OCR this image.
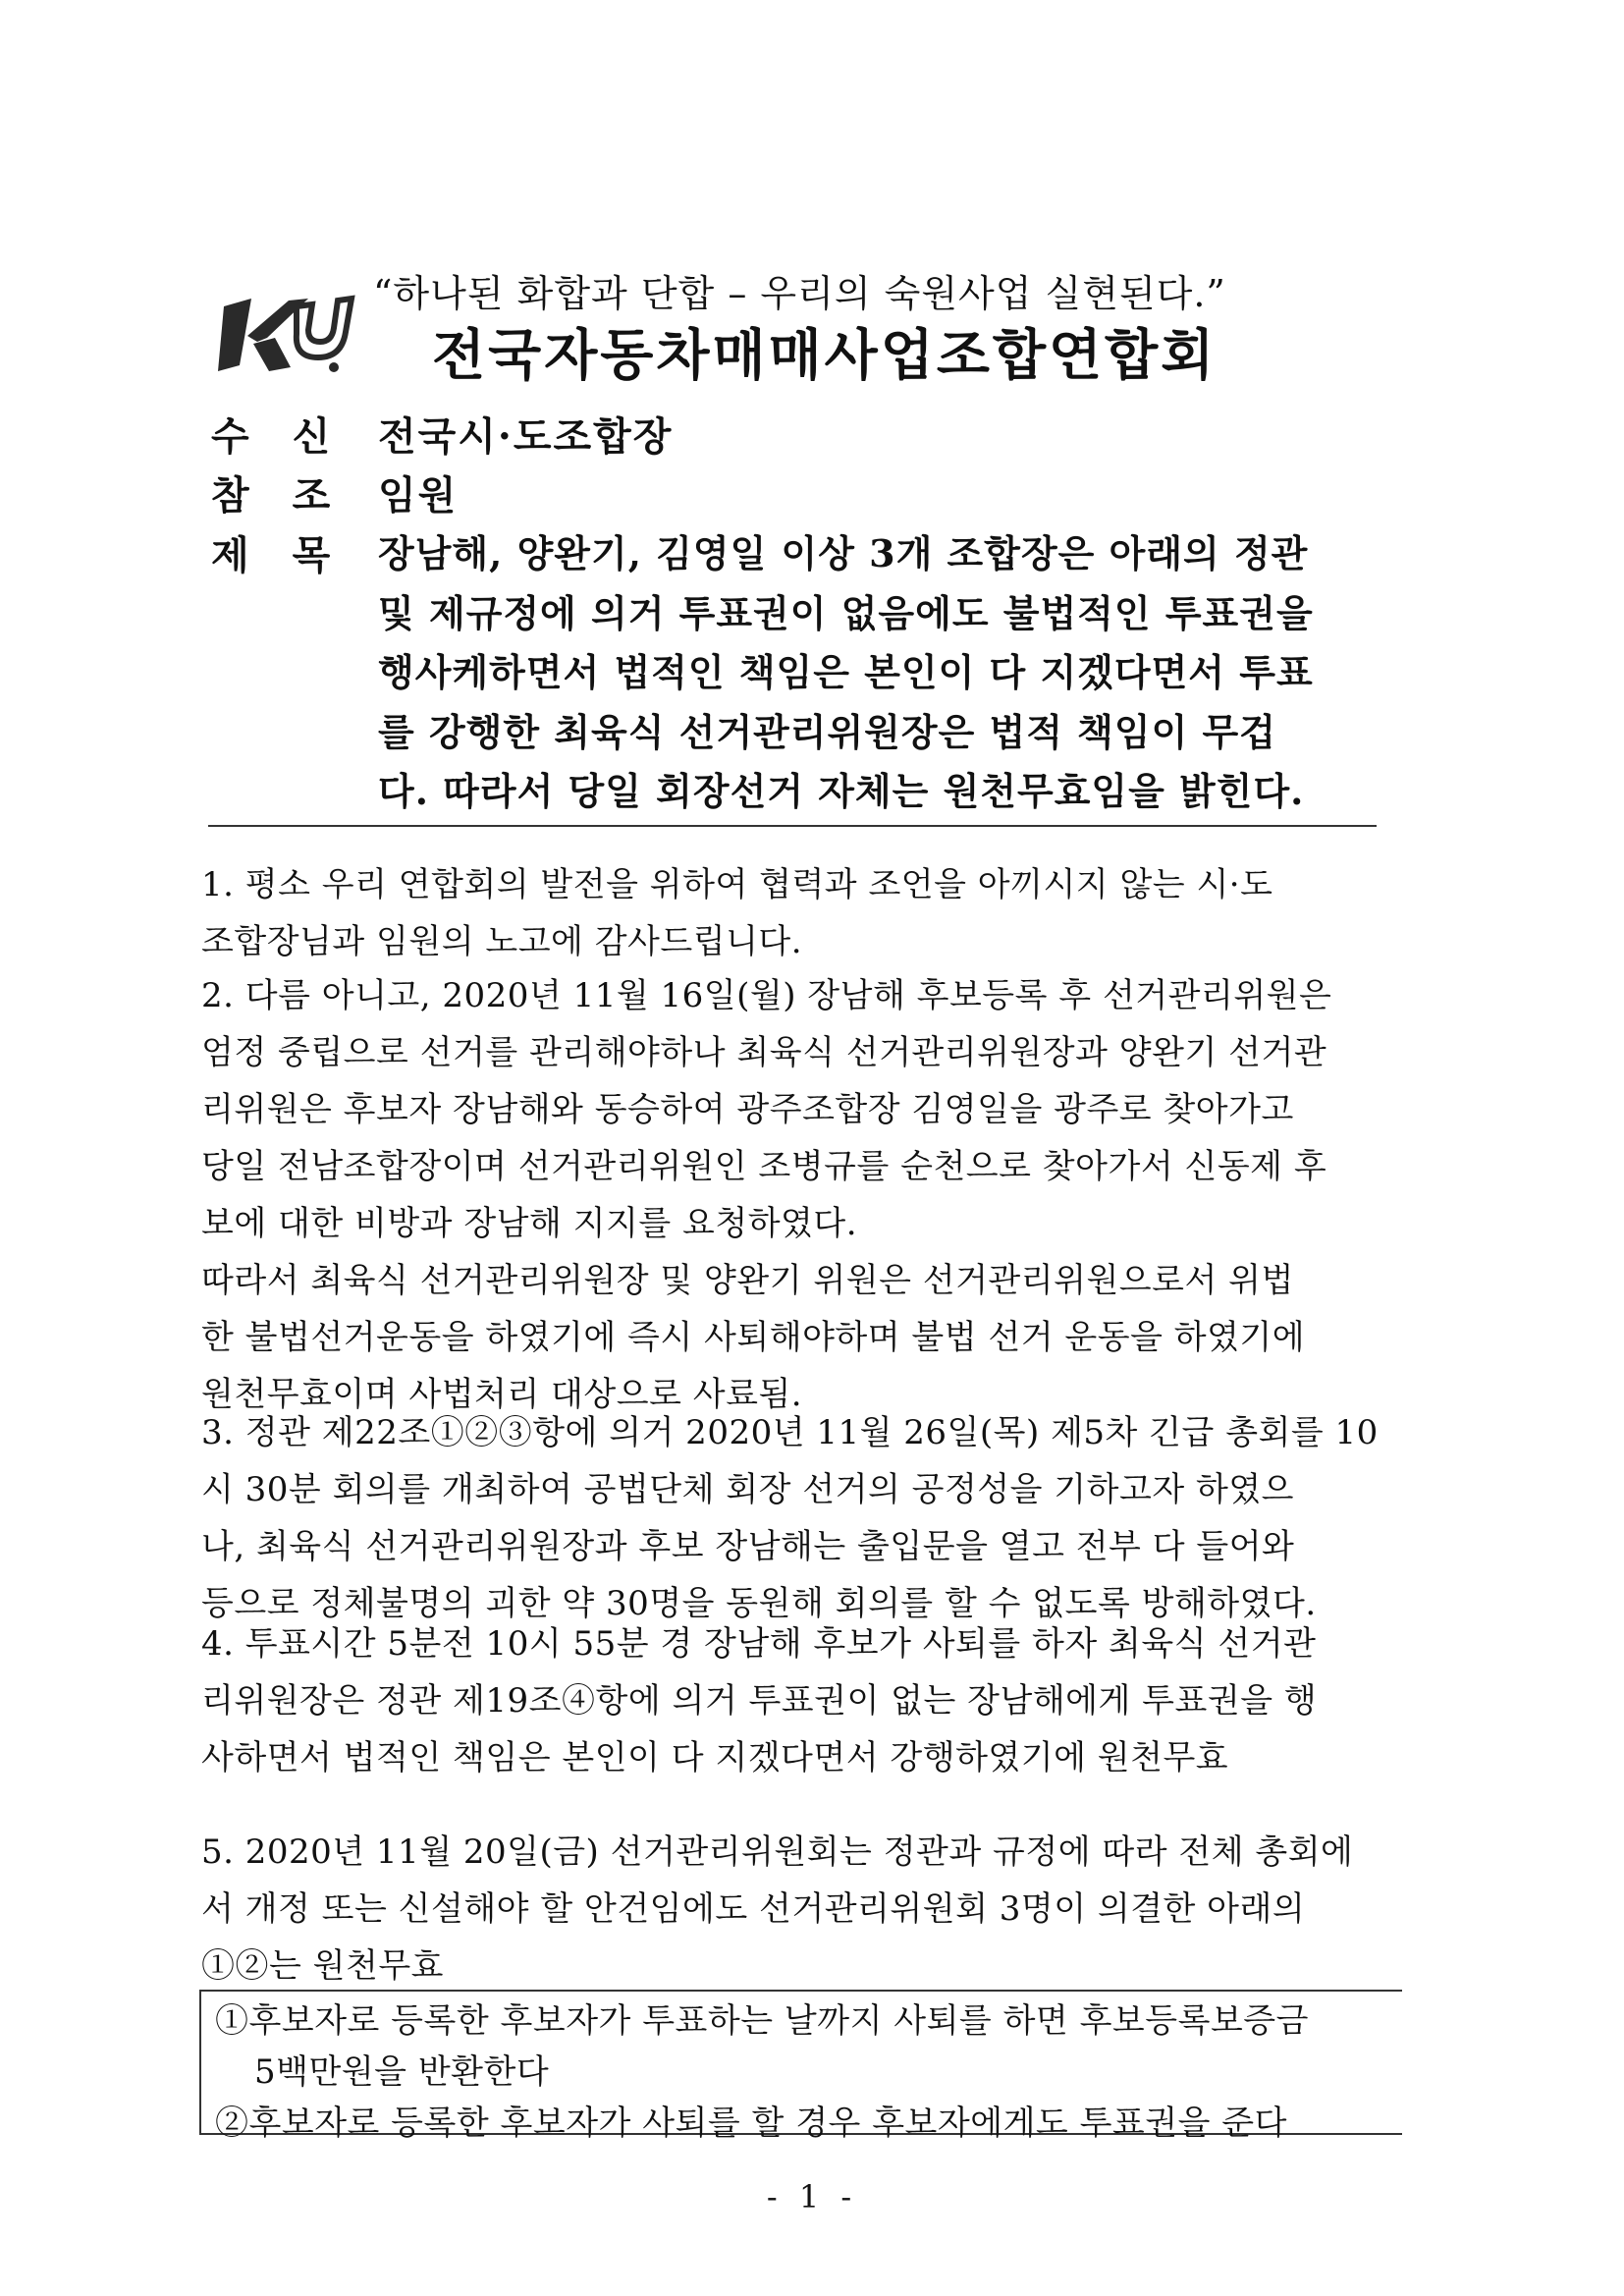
“하나된 화합과 단합 – 우리의 숙원사업 실현된다.”
전국자동차매매사업조합연합회
수신 전국시·도조합장
참조 임원
제목 장남해, 양완기, 김영일 이상 3개 조합장은 아래의 정관
및 제규정에 의거 투표권이 없음에도 불법적인 투표권을
행사케하면서 법적인 책임은 본인이 다 지겠다면서 투표
를 강행한 최육식 선거관리위원장은 법적 책임이 무겁
다. 따라서 당일 회장선거 자체는 원천무효임을 밝힌다.
1. 평소 우리 연합회의 발전을 위하여 협력과 조언을 아끼시지 않는 시·도
조합장님과 임원의 노고에 감사드립니다.
2. 다름 아니고, 2020년 11월 16일(월) 장남해 후보등록 후 선거관리위원은
엄정 중립으로 선거를 관리해야하나 최육식 선거관리위원장과 양완기 선거관
리위원은 후보자 장남해와 동승하여 광주조합장 김영일을 광주로 찾아가고
당일 전남조합장이며 선거관리위원인 조병규를 순천으로 찾아가서 신동제 후
보에 대한 비방과 장남해 지지를 요청하였다.
따라서 최육식 선거관리위원장 및 양완기 위원은 선거관리위원으로서 위법
한 불법선거운동을 하였기에 즉시 사퇴해야하며 불법 선거 운동을 하였기에
원천무효이며 사법처리 대상으로 사료됨.
3. 정관 제22조①②③항에 의거 2020년 11월 26일(목) 제5차 긴급 총회를 10
시 30분 회의를 개최하여 공법단체 회장 선거의 공정성을 기하고자 하였으
나, 최육식 선거관리위원장과 후보 장남해는 출입문을 열고 전부 다 들어와
등으로 정체불명의 괴한 약 30명을 동원해 회의를 할 수 없도록 방해하였다.
4. 투표시간 5분전 10시 55분 경 장남해 후보가 사퇴를 하자 최육식 선거관
리위원장은 정관 제19조④항에 의거 투표권이 없는 장남해에게 투표권을 행
사하면서 법적인 책임은 본인이 다 지겠다면서 강행하였기에 원천무효
5. 2020년 11월 20일(금) 선거관리위원회는 정관과 규정에 따라 전체 총회에
서 개정 또는 신설해야 할 안건임에도 선거관리위원회 3명이 의결한 아래의
①②는 원천무효
①후보자로 등록한 후보자가 투표하는 날까지 사퇴를 하면 후보등록보증금
5백만원을 반환한다
②후보자로 등록한 후보자가 사퇴를 할 경우 후보자에게도 투표권을 준다
- 1 -
